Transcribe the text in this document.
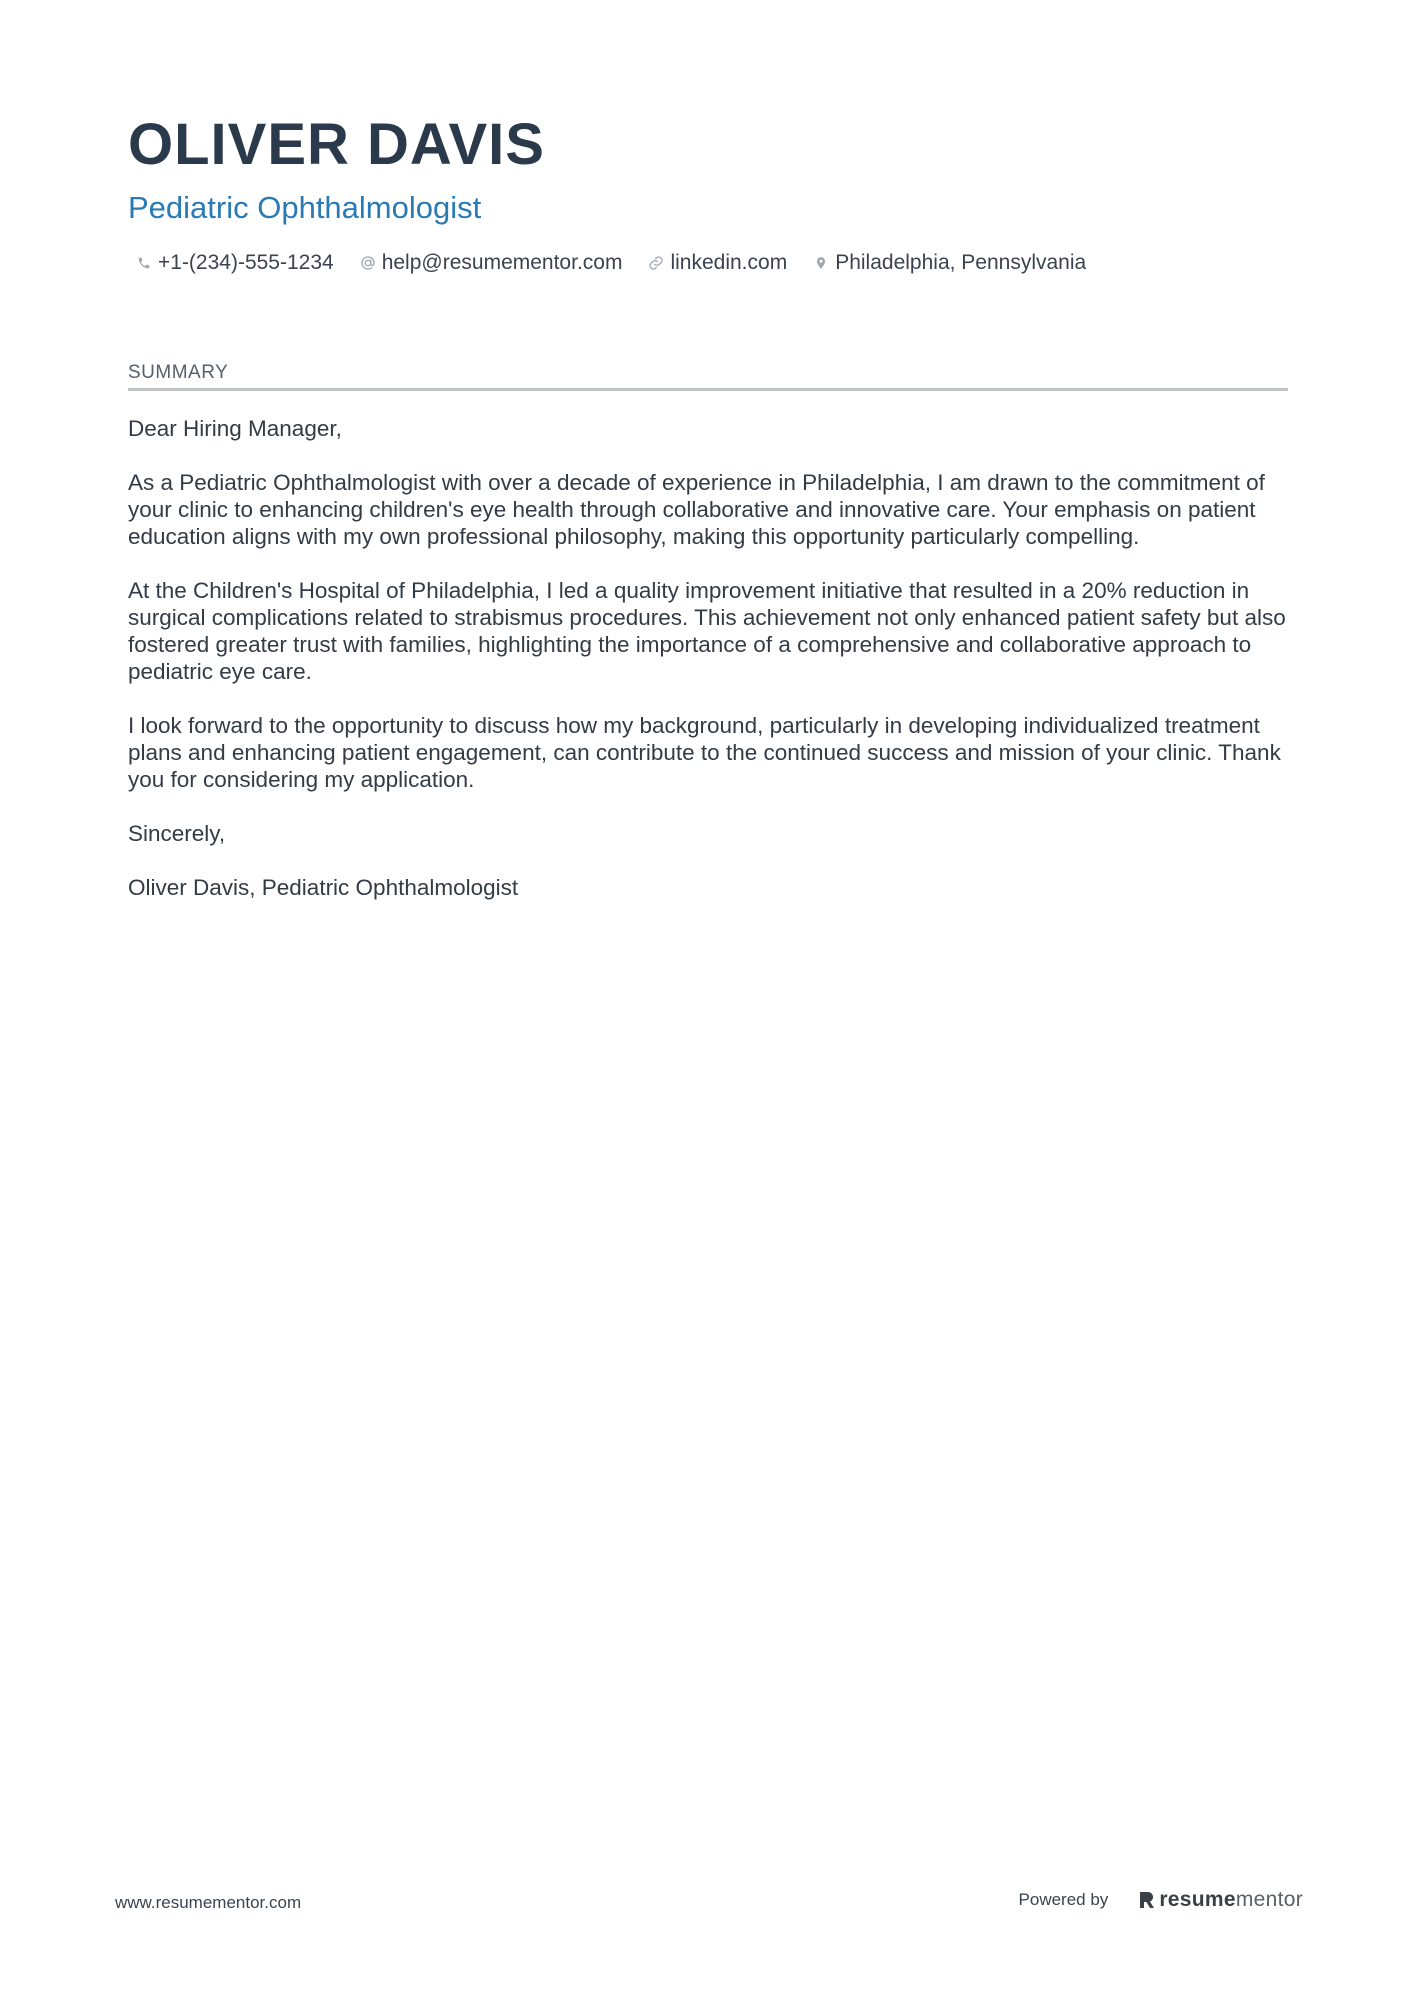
OLIVER DAVIS
Pediatric Ophthalmologist
+1-(234)-555-1234 help@resumementor.com linkedin.com Philadelphia, Pennsylvania
SUMMARY

Dear Hiring Manager,

As a Pediatric Ophthalmologist with over a decade of experience in Philadelphia, I am drawn to the commitment of your clinic to enhancing children's eye health through collaborative and innovative care. Your emphasis on patient education aligns with my own professional philosophy, making this opportunity particularly compelling.

At the Children's Hospital of Philadelphia, I led a quality improvement initiative that resulted in a 20% reduction in surgical complications related to strabismus procedures. This achievement not only enhanced patient safety but also fostered greater trust with families, highlighting the importance of a comprehensive and collaborative approach to pediatric eye care.

I look forward to the opportunity to discuss how my background, particularly in developing individualized treatment plans and enhancing patient engagement, can contribute to the continued success and mission of your clinic. Thank you for considering my application.

Sincerely,

Oliver Davis, Pediatric Ophthalmologist

www.resumementor.com	Powered by resume mentor
